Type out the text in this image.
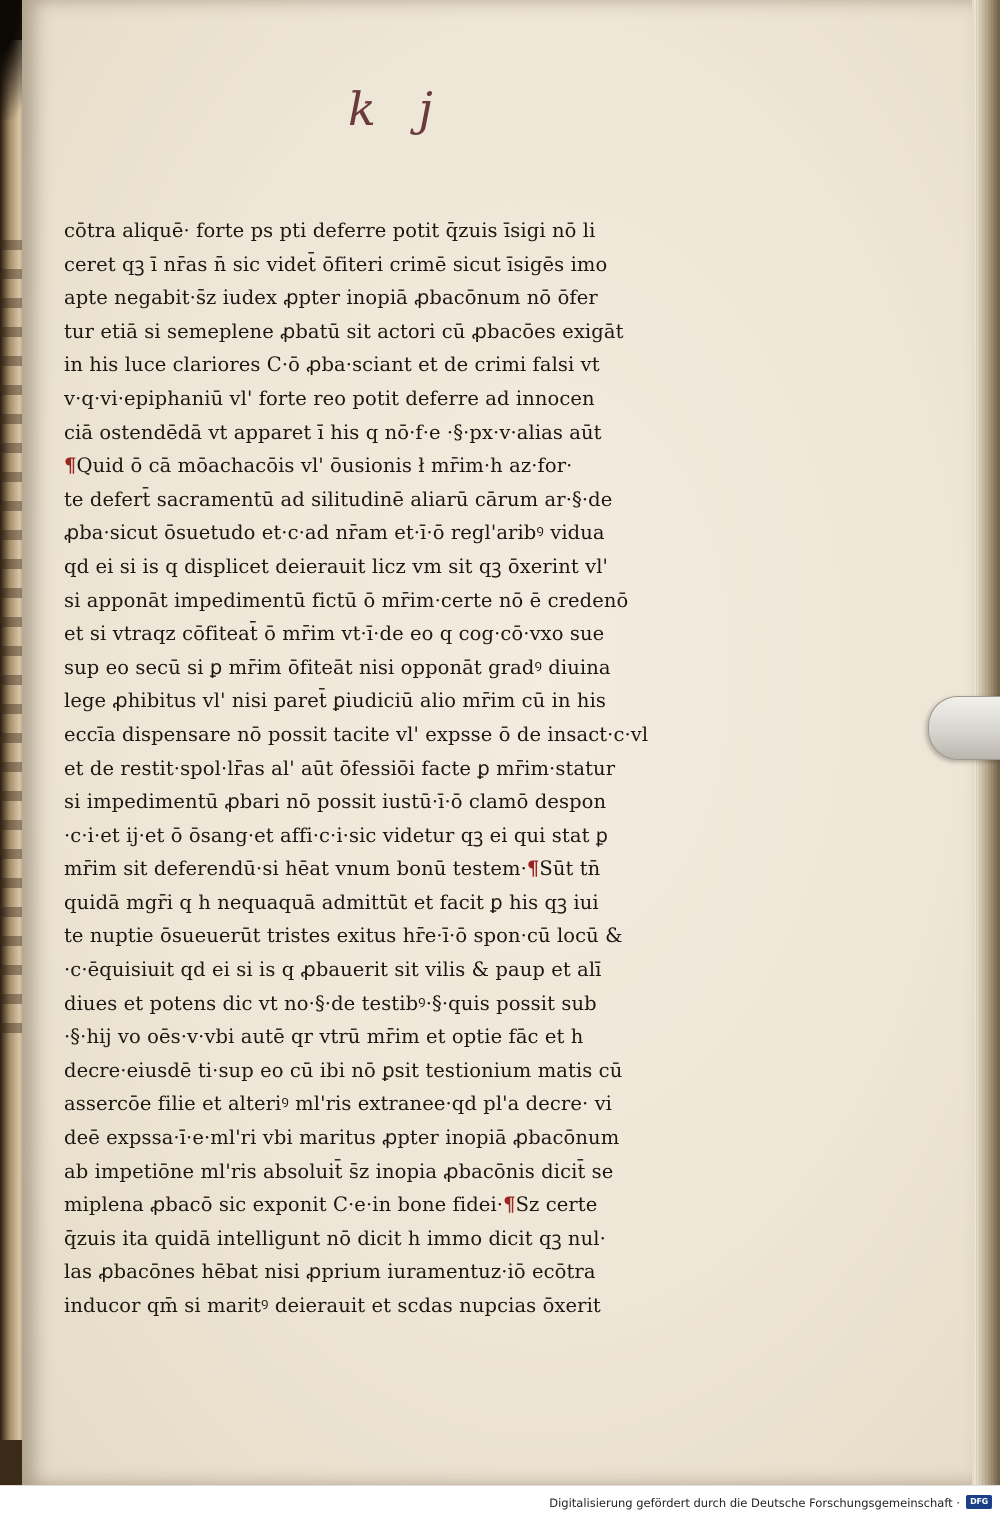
k j
cōtra aliquē· forte ps pti deferre potit q̄zuis īsigi nō li
ceret qꝫ ī nr̄as n̄ sic videt̄ ōfiteri crimē sicut īsigēs imo
apte negabit·s̄z iudex ꝓpter inopiā ꝓbacōnum nō ōfer
tur etiā si semeplene ꝓbatū sit actori cū ꝓbacōes exigāt
in his luce clariores C·ō ꝓba·sciant et de crimi falsi vt
v·q·vi·epiphaniū vl' forte reo potit deferre ad innocen
ciā ostendēdā vt apparet ī his q nō·f·e ·§·px·v·alias aūt
¶Quid ō cā mōachacōis vl' ōusionis ł mr̄im·h az·for·
te defert̄ sacramentū ad silitudinē aliarū cārum ar·§·de
ꝓba·sicut ōsuetudo et·c·ad nr̄am et·ī·ō regl'aribꝰ vidua
qd ei si is q displicet deierauit licz vm sit qꝫ ōxerint vl'
si apponāt impedimentū fictū ō mr̄im·certe nō ē credenō
et si vtraqz cōfiteat̄ ō mr̄im vt·ī·de eo q cog·cō·vxo sue
sup eo secū si ꝑ mr̄im ōfiteāt nisi opponāt gradꝰ diuina
lege ꝓhibitus vl' nisi paret̄ ꝑiudiciū alio mr̄im cū in his
eccīa dispensare nō possit tacite vl' expsse ō de insact·c·vl
et de restit·spol·lr̄as al' aūt ōfessiōi facte ꝑ mr̄im·statur
si impedimentū ꝓbari nō possit iustū·ī·ō clamō despon
·c·i·et ij·et ō ōsang·et affi·c·i·sic videtur qꝫ ei qui stat ꝑ
mr̄im sit deferendū·si hēat vnum bonū testem·¶Sūt tn̄
quidā mgr̄i q h nequaquā admittūt et facit ꝑ his qꝫ iui
te nuptie ōsueuerūt tristes exitus hr̄e·ī·ō spon·cū locū &
·c·ēquisiuit qd ei si is q ꝓbauerit sit vilis & paup et alī
diues et potens dic vt no·§·de testibꝰ·§·quis possit sub
·§·hij vo oēs·v·vbi autē qr vtrū mr̄im et optie fāc et h
decre·eiusdē ti·sup eo cū ibi nō ꝑsit testionium matis cū
assercōe filie et alteriꝰ ml'ris extranee·qd pl'a decre· vi
deē expssa·ī·e·ml'ri vbi maritus ꝓpter inopiā ꝓbacōnum
ab impetiōne ml'ris absoluit̄ s̄z inopia ꝓbacōnis dicit̄ se
miplena ꝓbacō sic exponit C·e·in bone fidei·¶Sz certe
q̄zuis ita quidā intelligunt nō dicit h immo dicit qꝫ nul·
las ꝓbacōnes hēbat nisi ꝓprium iuramentuz·iō ecōtra
inducor qm̄ si maritꝰ deierauit et scdas nupcias ōxerit
Digitalisierung gefördert durch die Deutsche Forschungsgemeinschaft ·	DFG
